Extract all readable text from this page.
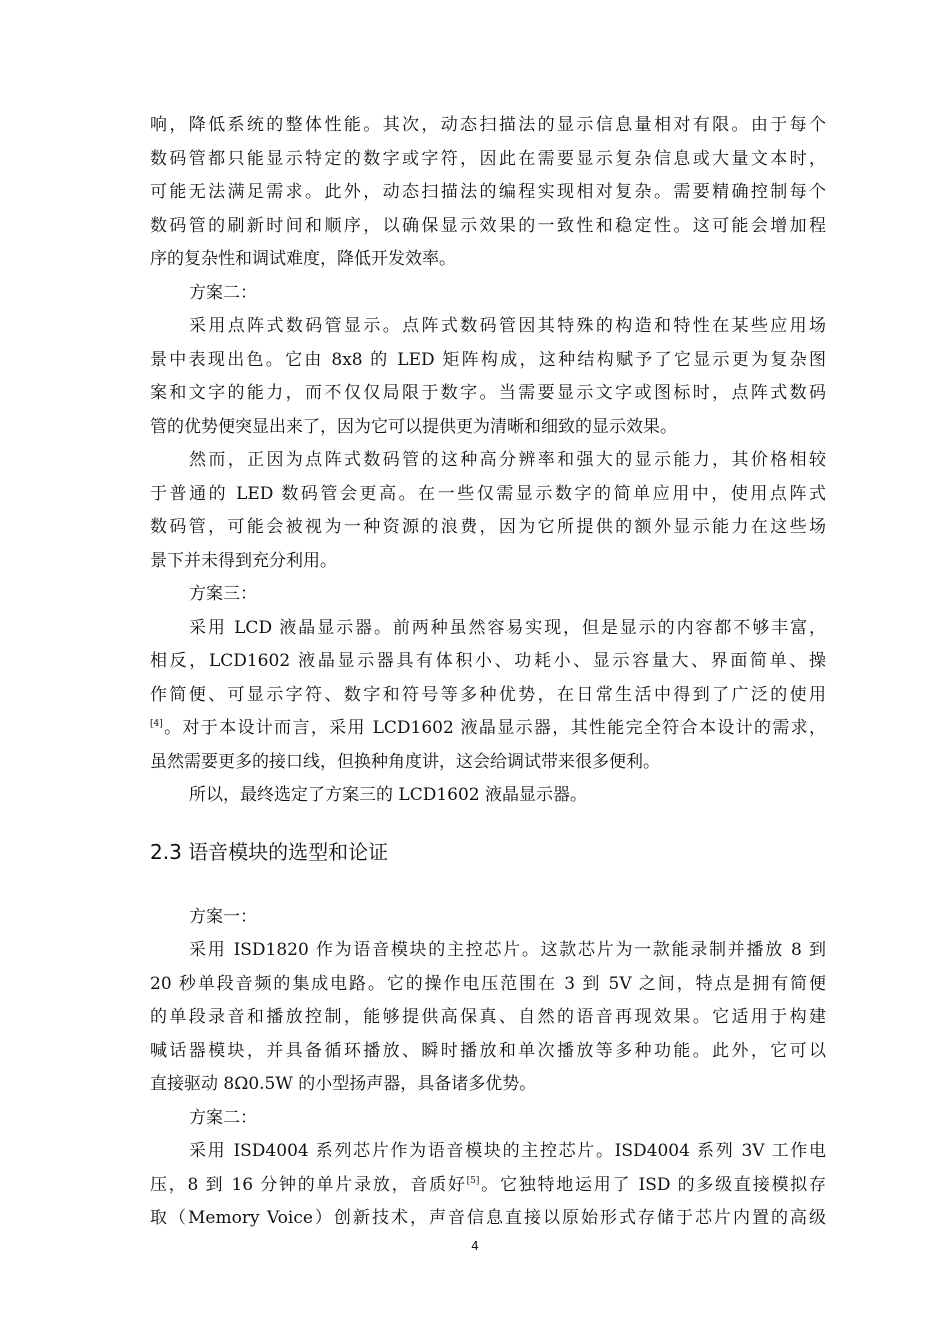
响，降低系统的整体性能。其次，动态扫描法的显示信息量相对有限。由于每个
数码管都只能显示特定的数字或字符，因此在需要显示复杂信息或大量文本时，
可能无法满足需求。此外，动态扫描法的编程实现相对复杂。需要精确控制每个
数码管的刷新时间和顺序，以确保显示效果的一致性和稳定性。这可能会增加程
序的复杂性和调试难度，降低开发效率。
方案二：
采用点阵式数码管显示。点阵式数码管因其特殊的构造和特性在某些应用场
景中表现出色。它由 8x8 的 LED 矩阵构成，这种结构赋予了它显示更为复杂图
案和文字的能力，而不仅仅局限于数字。当需要显示文字或图标时，点阵式数码
管的优势便突显出来了，因为它可以提供更为清晰和细致的显示效果。
然而，正因为点阵式数码管的这种高分辨率和强大的显示能力，其价格相较
于普通的 LED 数码管会更高。在一些仅需显示数字的简单应用中，使用点阵式
数码管，可能会被视为一种资源的浪费，因为它所提供的额外显示能力在这些场
景下并未得到充分利用。
方案三：
采用 LCD 液晶显示器。前两种虽然容易实现，但是显示的内容都不够丰富，
相反，LCD1602 液晶显示器具有体积小、功耗小、显示容量大、界面简单、操
作简便、可显示字符、数字和符号等多种优势，在日常生活中得到了广泛的使用
[4]。对于本设计而言，采用 LCD1602 液晶显示器，其性能完全符合本设计的需求，
虽然需要更多的接口线，但换种角度讲，这会给调试带来很多便利。
所以，最终选定了方案三的 LCD1602 液晶显示器。
2.3 语音模块的选型和论证
方案一：
采用 ISD1820 作为语音模块的主控芯片。这款芯片为一款能录制并播放 8 到
20 秒单段音频的集成电路。它的操作电压范围在 3 到 5V 之间，特点是拥有简便
的单段录音和播放控制，能够提供高保真、自然的语音再现效果。它适用于构建
喊话器模块，并具备循环播放、瞬时播放和单次播放等多种功能。此外，它可以
直接驱动 8Ω0.5W 的小型扬声器，具备诸多优势。
方案二：
采用 ISD4004 系列芯片作为语音模块的主控芯片。ISD4004 系列 3V 工作电
压，8 到 16 分钟的单片录放，音质好[5]。它独特地运用了 ISD 的多级直接模拟存
取（Memory Voice）创新技术，声音信息直接以原始形式存储于芯片内置的高级
4
